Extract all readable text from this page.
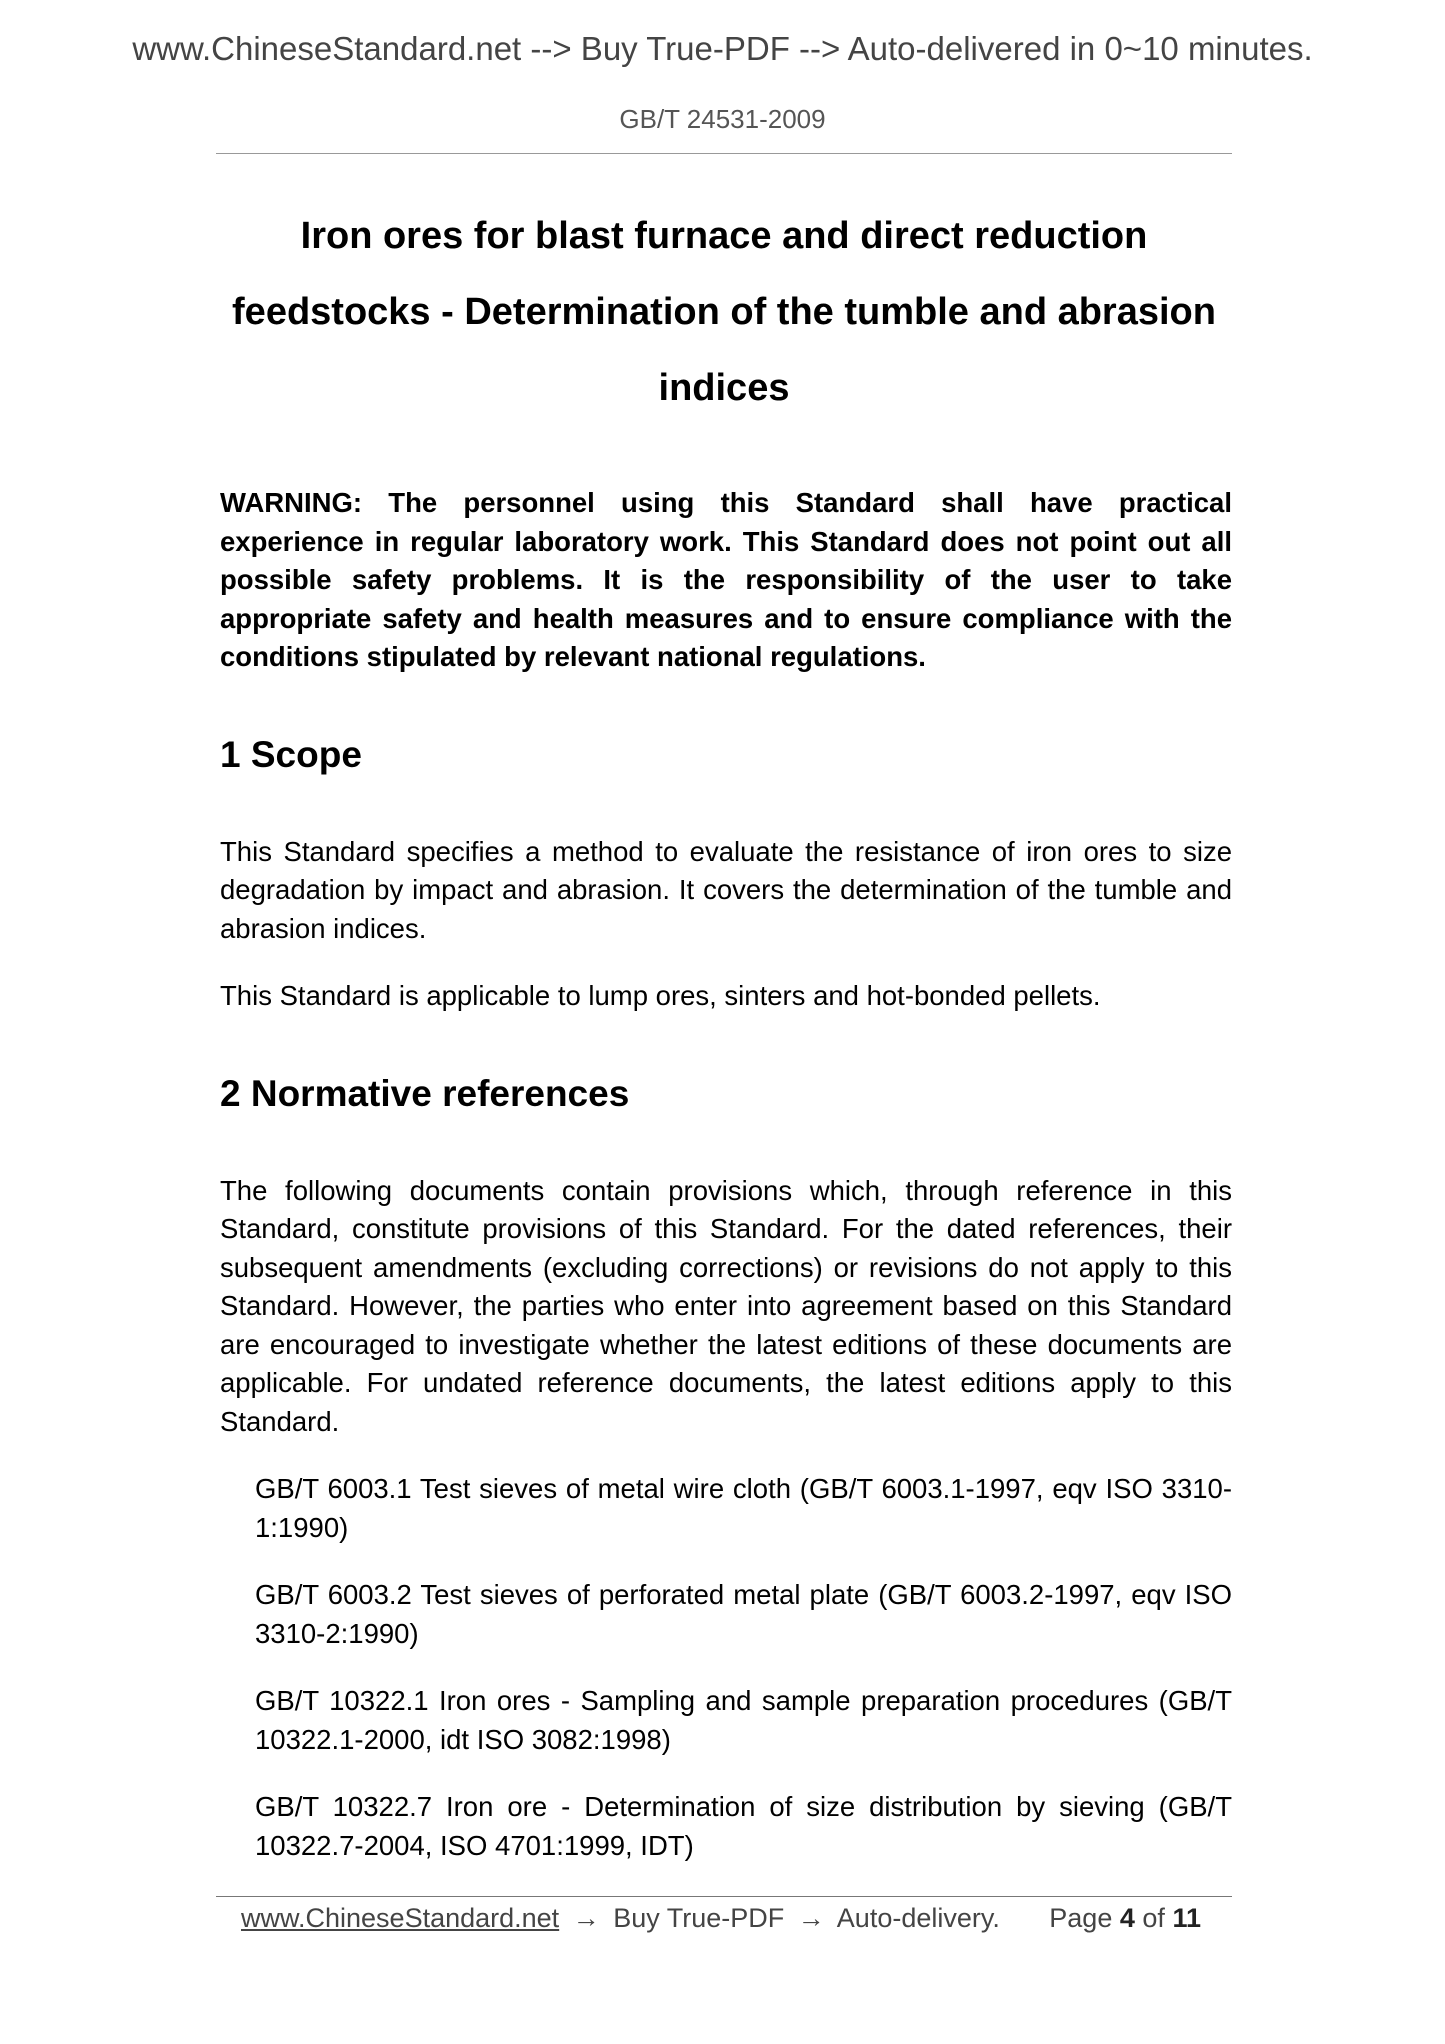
www.ChineseStandard.net --> Buy True-PDF --> Auto-delivered in 0~10 minutes.
GB/T 24531-2009
Iron ores for blast furnace and direct reduction feedstocks - Determination of the tumble and abrasion indices

WARNING: The personnel using this Standard shall have practical experience in regular laboratory work. This Standard does not point out all possible safety problems. It is the responsibility of the user to take appropriate safety and health measures and to ensure compliance with the conditions stipulated by relevant national regulations.

1 Scope

This Standard specifies a method to evaluate the resistance of iron ores to size degradation by impact and abrasion. It covers the determination of the tumble and abrasion indices.

This Standard is applicable to lump ores, sinters and hot-bonded pellets.

2 Normative references

The following documents contain provisions which, through reference in this Standard, constitute provisions of this Standard. For the dated references, their subsequent amendments (excluding corrections) or revisions do not apply to this Standard. However, the parties who enter into agreement based on this Standard are encouraged to investigate whether the latest editions of these documents are applicable. For undated reference documents, the latest editions apply to this Standard.

GB/T 6003.1 Test sieves of metal wire cloth (GB/T 6003.1-1997, eqv ISO 3310-1:1990)

GB/T 6003.2 Test sieves of perforated metal plate (GB/T 6003.2-1997, eqv ISO 3310-2:1990)

GB/T 10322.1 Iron ores - Sampling and sample preparation procedures (GB/T 10322.1-2000, idt ISO 3082:1998)

GB/T 10322.7 Iron ore - Determination of size distribution by sieving (GB/T 10322.7-2004, ISO 4701:1999, IDT)

www.ChineseStandard.net → Buy True-PDF → Auto-delivery. Page 4 of 11
